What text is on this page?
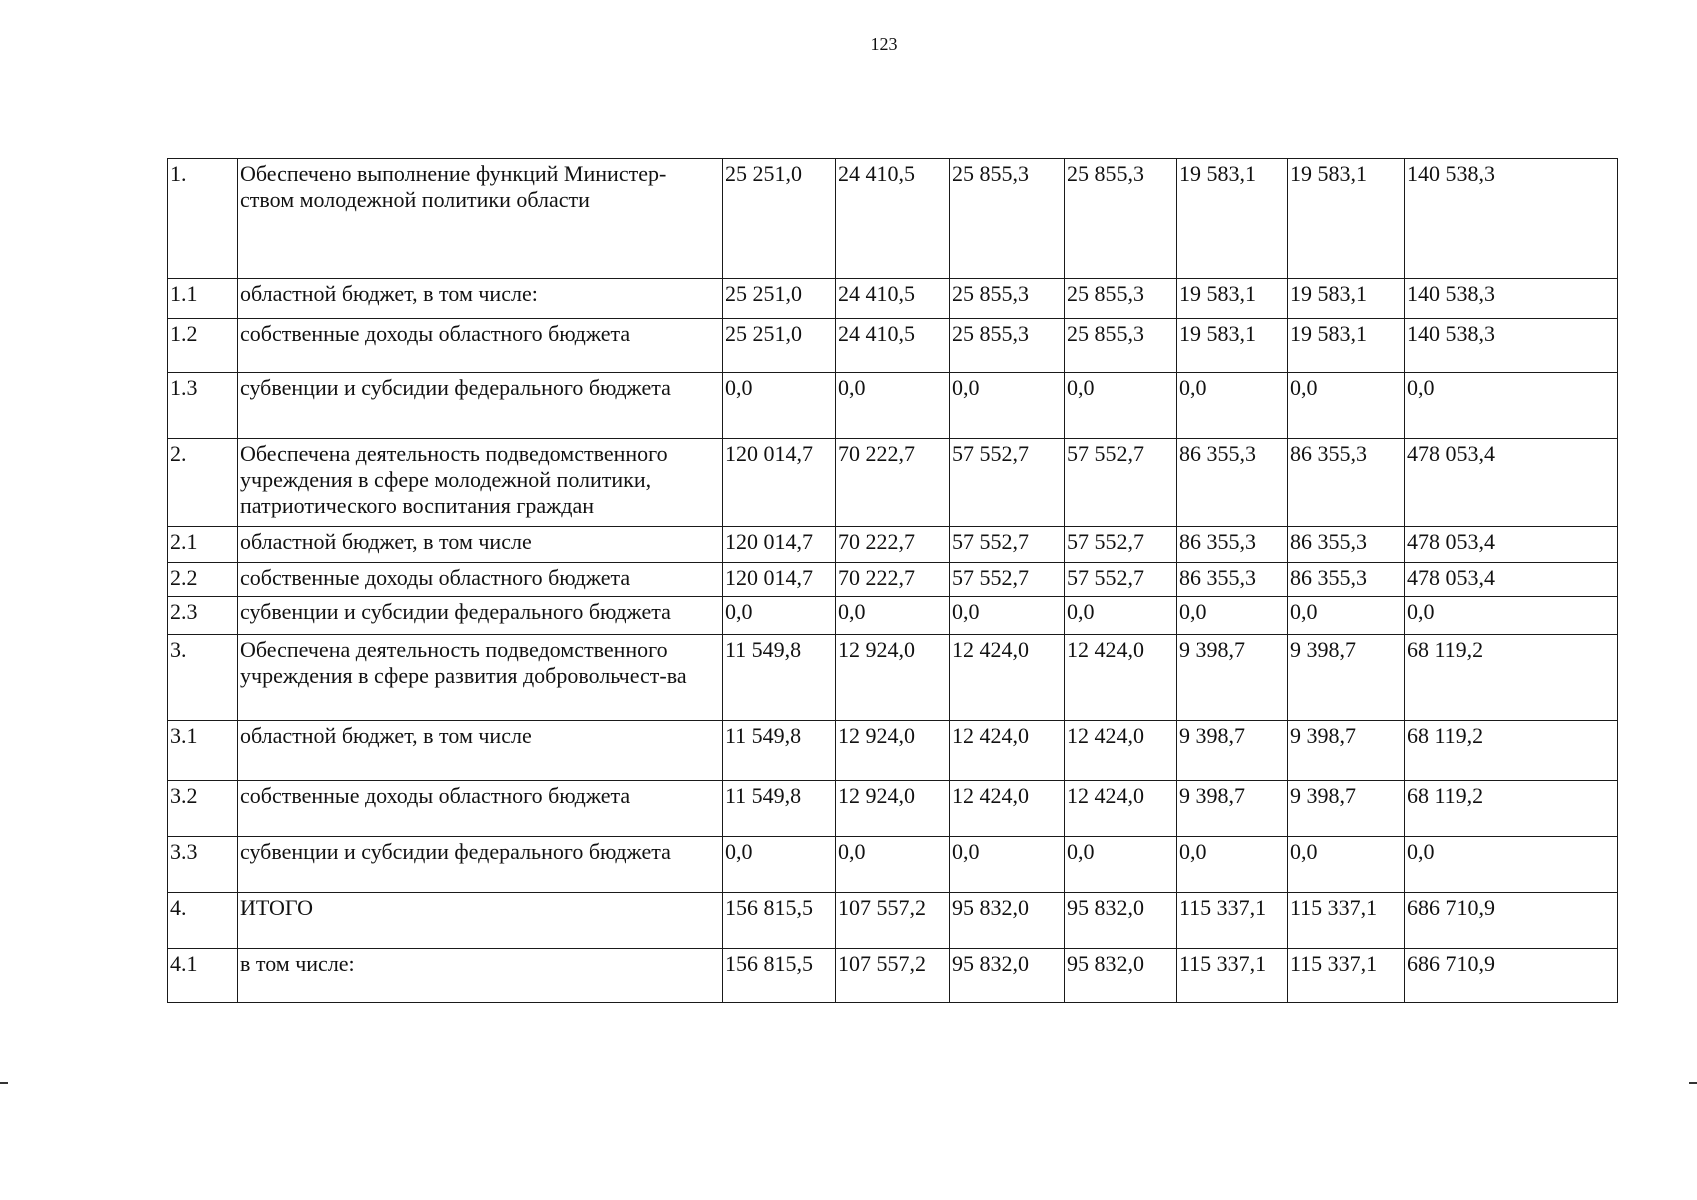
123
1.	Обеспечено выполнение функций Министер-ством молодежной политики области	25 251,0	24 410,5	25 855,3	25 855,3	19 583,1	19 583,1	140 538,3
1.1	областной бюджет, в том числе:	25 251,0	24 410,5	25 855,3	25 855,3	19 583,1	19 583,1	140 538,3
1.2	собственные доходы областного бюджета	25 251,0	24 410,5	25 855,3	25 855,3	19 583,1	19 583,1	140 538,3
1.3	субвенции и субсидии федерального бюджета	0,0	0,0	0,0	0,0	0,0	0,0	0,0
2.	Обеспечена деятельность подведомственного учреждения в сфере молодежной политики, патриотического воспитания граждан	120 014,7	70 222,7	57 552,7	57 552,7	86 355,3	86 355,3	478 053,4
2.1	областной бюджет, в том числе	120 014,7	70 222,7	57 552,7	57 552,7	86 355,3	86 355,3	478 053,4
2.2	собственные доходы областного бюджета	120 014,7	70 222,7	57 552,7	57 552,7	86 355,3	86 355,3	478 053,4
2.3	субвенции и субсидии федерального бюджета	0,0	0,0	0,0	0,0	0,0	0,0	0,0
3.	Обеспечена деятельность подведомственного учреждения в сфере развития добровольчест-ва	11 549,8	12 924,0	12 424,0	12 424,0	9 398,7	9 398,7	68 119,2
3.1	областной бюджет, в том числе	11 549,8	12 924,0	12 424,0	12 424,0	9 398,7	9 398,7	68 119,2
3.2	собственные доходы областного бюджета	11 549,8	12 924,0	12 424,0	12 424,0	9 398,7	9 398,7	68 119,2
3.3	субвенции и субсидии федерального бюджета	0,0	0,0	0,0	0,0	0,0	0,0	0,0
4.	ИТОГО	156 815,5	107 557,2	95 832,0	95 832,0	115 337,1	115 337,1	686 710,9
4.1	в том числе:	156 815,5	107 557,2	95 832,0	95 832,0	115 337,1	115 337,1	686 710,9
